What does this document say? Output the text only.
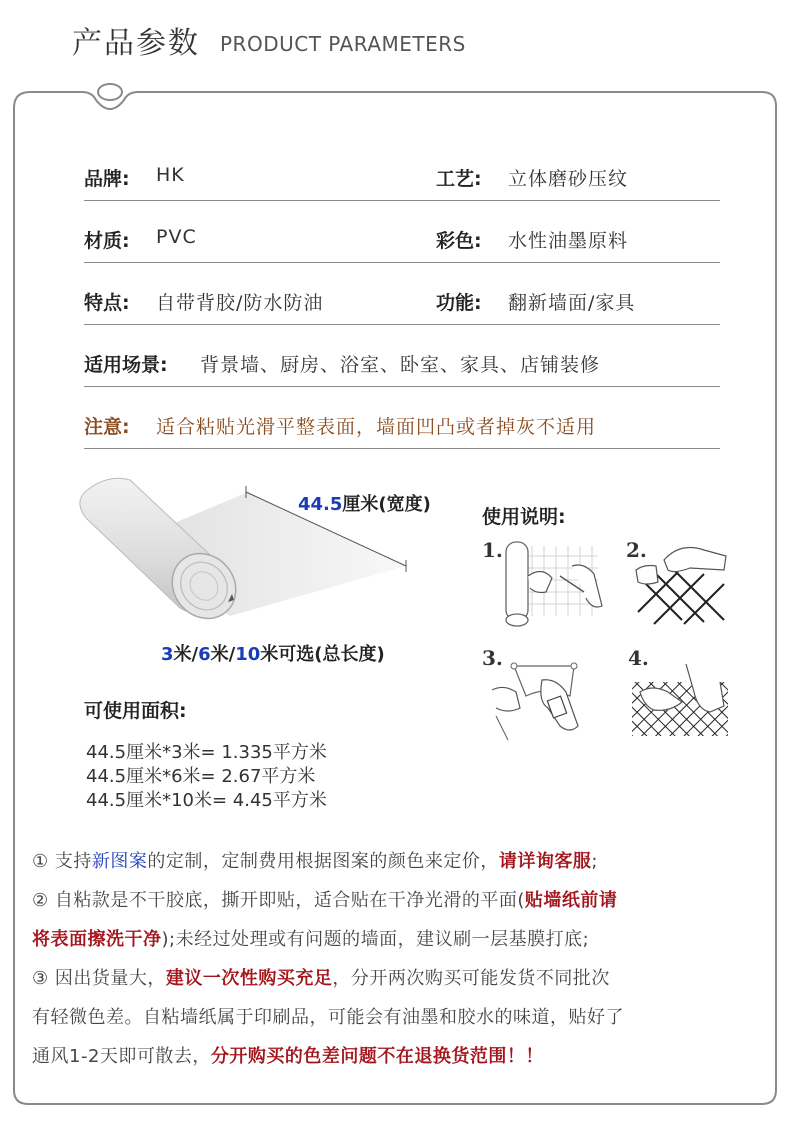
产品参数 PRODUCT PARAMETERS
品牌: HK	工艺: 立体磨砂压纹
材质: PVC	彩色: 水性油墨原料
特点: 自带背胶/防水防油	功能: 翻新墙面/家具
适用场景: 背景墙、厨房、浴室、卧室、家具、店铺装修
注意: 适合粘贴光滑平整表面，墙面凹凸或者掉灰不适用
44.5厘米(宽度)
3米/6米/10米可选(总长度)
可使用面积:
44.5厘米*3米= 1.335平方米
44.5厘米*6米= 2.67平方米
44.5厘米*10米= 4.45平方米
使用说明:
1.	2.
3.	4.

① 支持新图案的定制，定制费用根据图案的颜色来定价，请详询客服;

② 自粘款是不干胶底，撕开即贴，适合贴在干净光滑的平面(贴墙纸前请

将表面擦洗干净);未经过处理或有问题的墙面，建议刷一层基膜打底;

③ 因出货量大，建议一次性购买充足，分开两次购买可能发货不同批次

有轻微色差。自粘墙纸属于印刷品，可能会有油墨和胶水的味道，贴好了

通风1-2天即可散去，分开购买的色差问题不在退换货范围！！
